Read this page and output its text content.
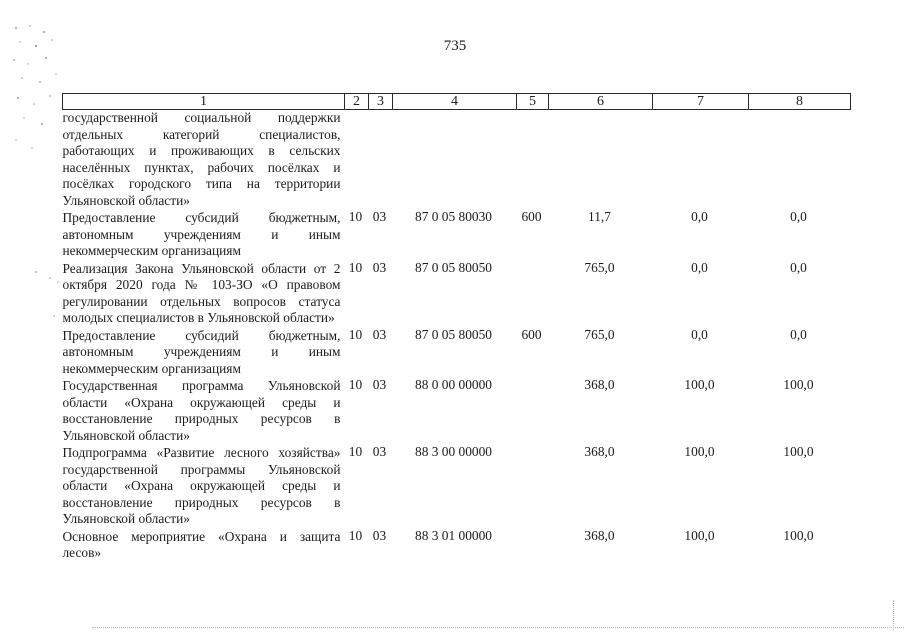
735
1	2	3	4	5	6	7	8
государственной социальной поддержки отдельных категорий специалистов, работающих и проживающих в сельских населённых пунктах, рабочих посёлках и посёлках городского типа на территории Ульяновской области»							
Предоставление субсидий бюджетным, автономным учреждениям и иным некоммерческим организациям	10	03	87 0 05 80030	600	11,7	0,0	0,0
Реализация Закона Ульяновской области от 2 октября 2020 года № 103-ЗО «О правовом регулировании отдельных вопросов статуса молодых специалистов в Ульяновской области»	10	03	87 0 05 80050		765,0	0,0	0,0
Предоставление субсидий бюджетным, автономным учреждениям и иным некоммерческим организациям	10	03	87 0 05 80050	600	765,0	0,0	0,0
Государственная программа Ульяновской области «Охрана окружающей среды и восстановление природных ресурсов в Ульяновской области»	10	03	88 0 00 00000		368,0	100,0	100,0
Подпрограмма «Развитие лесного хозяйства» государственной программы Ульяновской области «Охрана окружающей среды и восстановление природных ресурсов в Ульяновской области»	10	03	88 3 00 00000		368,0	100,0	100,0
Основное мероприятие «Охрана и защита лесов»	10	03	88 3 01 00000		368,0	100,0	100,0
